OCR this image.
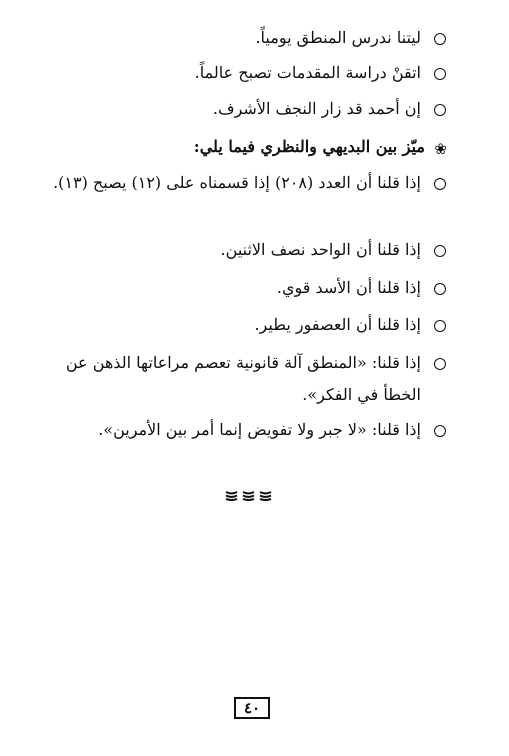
ليتنا ندرس المنطق يومياً.
اتقنْ دراسة المقدمات تصبح عالماً.
إن أحمد قد زار النجف الأشرف.
❀
ميّز بين البديهي والنظري فيما يلي:
إذا قلنا أن العدد (٢٠٨) إذا قسمناه على (١٢) يصبح (١٣).
إذا قلنا أن الواحد نصف الاثنين.
إذا قلنا أن الأسد قوي.
إذا قلنا أن العصفور يطير.
إذا قلنا: «المنطق آلة قانونية تعصم مراعاتها الذهن عن الخطأ في الفكر».
إذا قلنا: «لا جبر ولا تفويض إنما أمر بين الأمرين».
٤٠
